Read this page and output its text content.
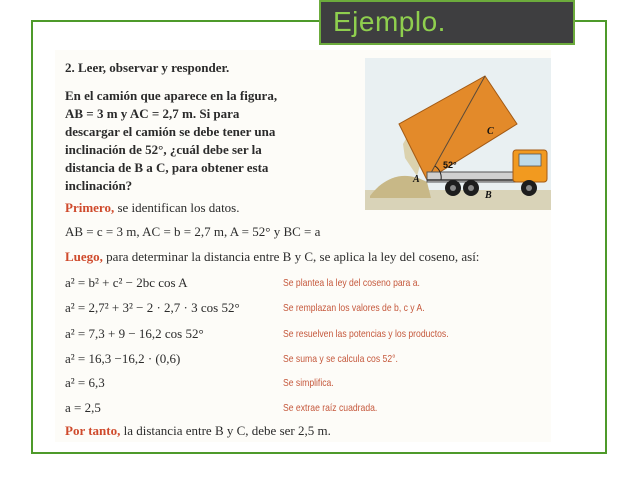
Ejemplo.
2. Leer, observar y responder.
En el camión que aparece en la figura,
AB = 3 m y AC = 2,7 m. Si para
descargar el camión se debe tener una
inclinación de 52°, ¿cuál debe ser la
distancia de B a C, para obtener esta
inclinación?
52°
A
B
C
Primero, se identifican los datos.
AB = c = 3 m, AC = b = 2,7 m, A = 52° y BC = a
Luego, para determinar la distancia entre B y C, se aplica la ley del coseno, así:
a² = b² + c² − 2bc cos A	Se plantea la ley del coseno para a.
a² = 2,7² + 3² − 2 · 2,7 · 3 cos 52°	Se remplazan los valores de b, c y A.
a² = 7,3 + 9 − 16,2 cos 52°	Se resuelven las potencias y los productos.
a² = 16,3 −16,2 · (0,6)	Se suma y se calcula cos 52°.
a² = 6,3	Se simplifica.
a = 2,5	Se extrae raíz cuadrada.
Por tanto, la distancia entre B y C, debe ser 2,5 m.
